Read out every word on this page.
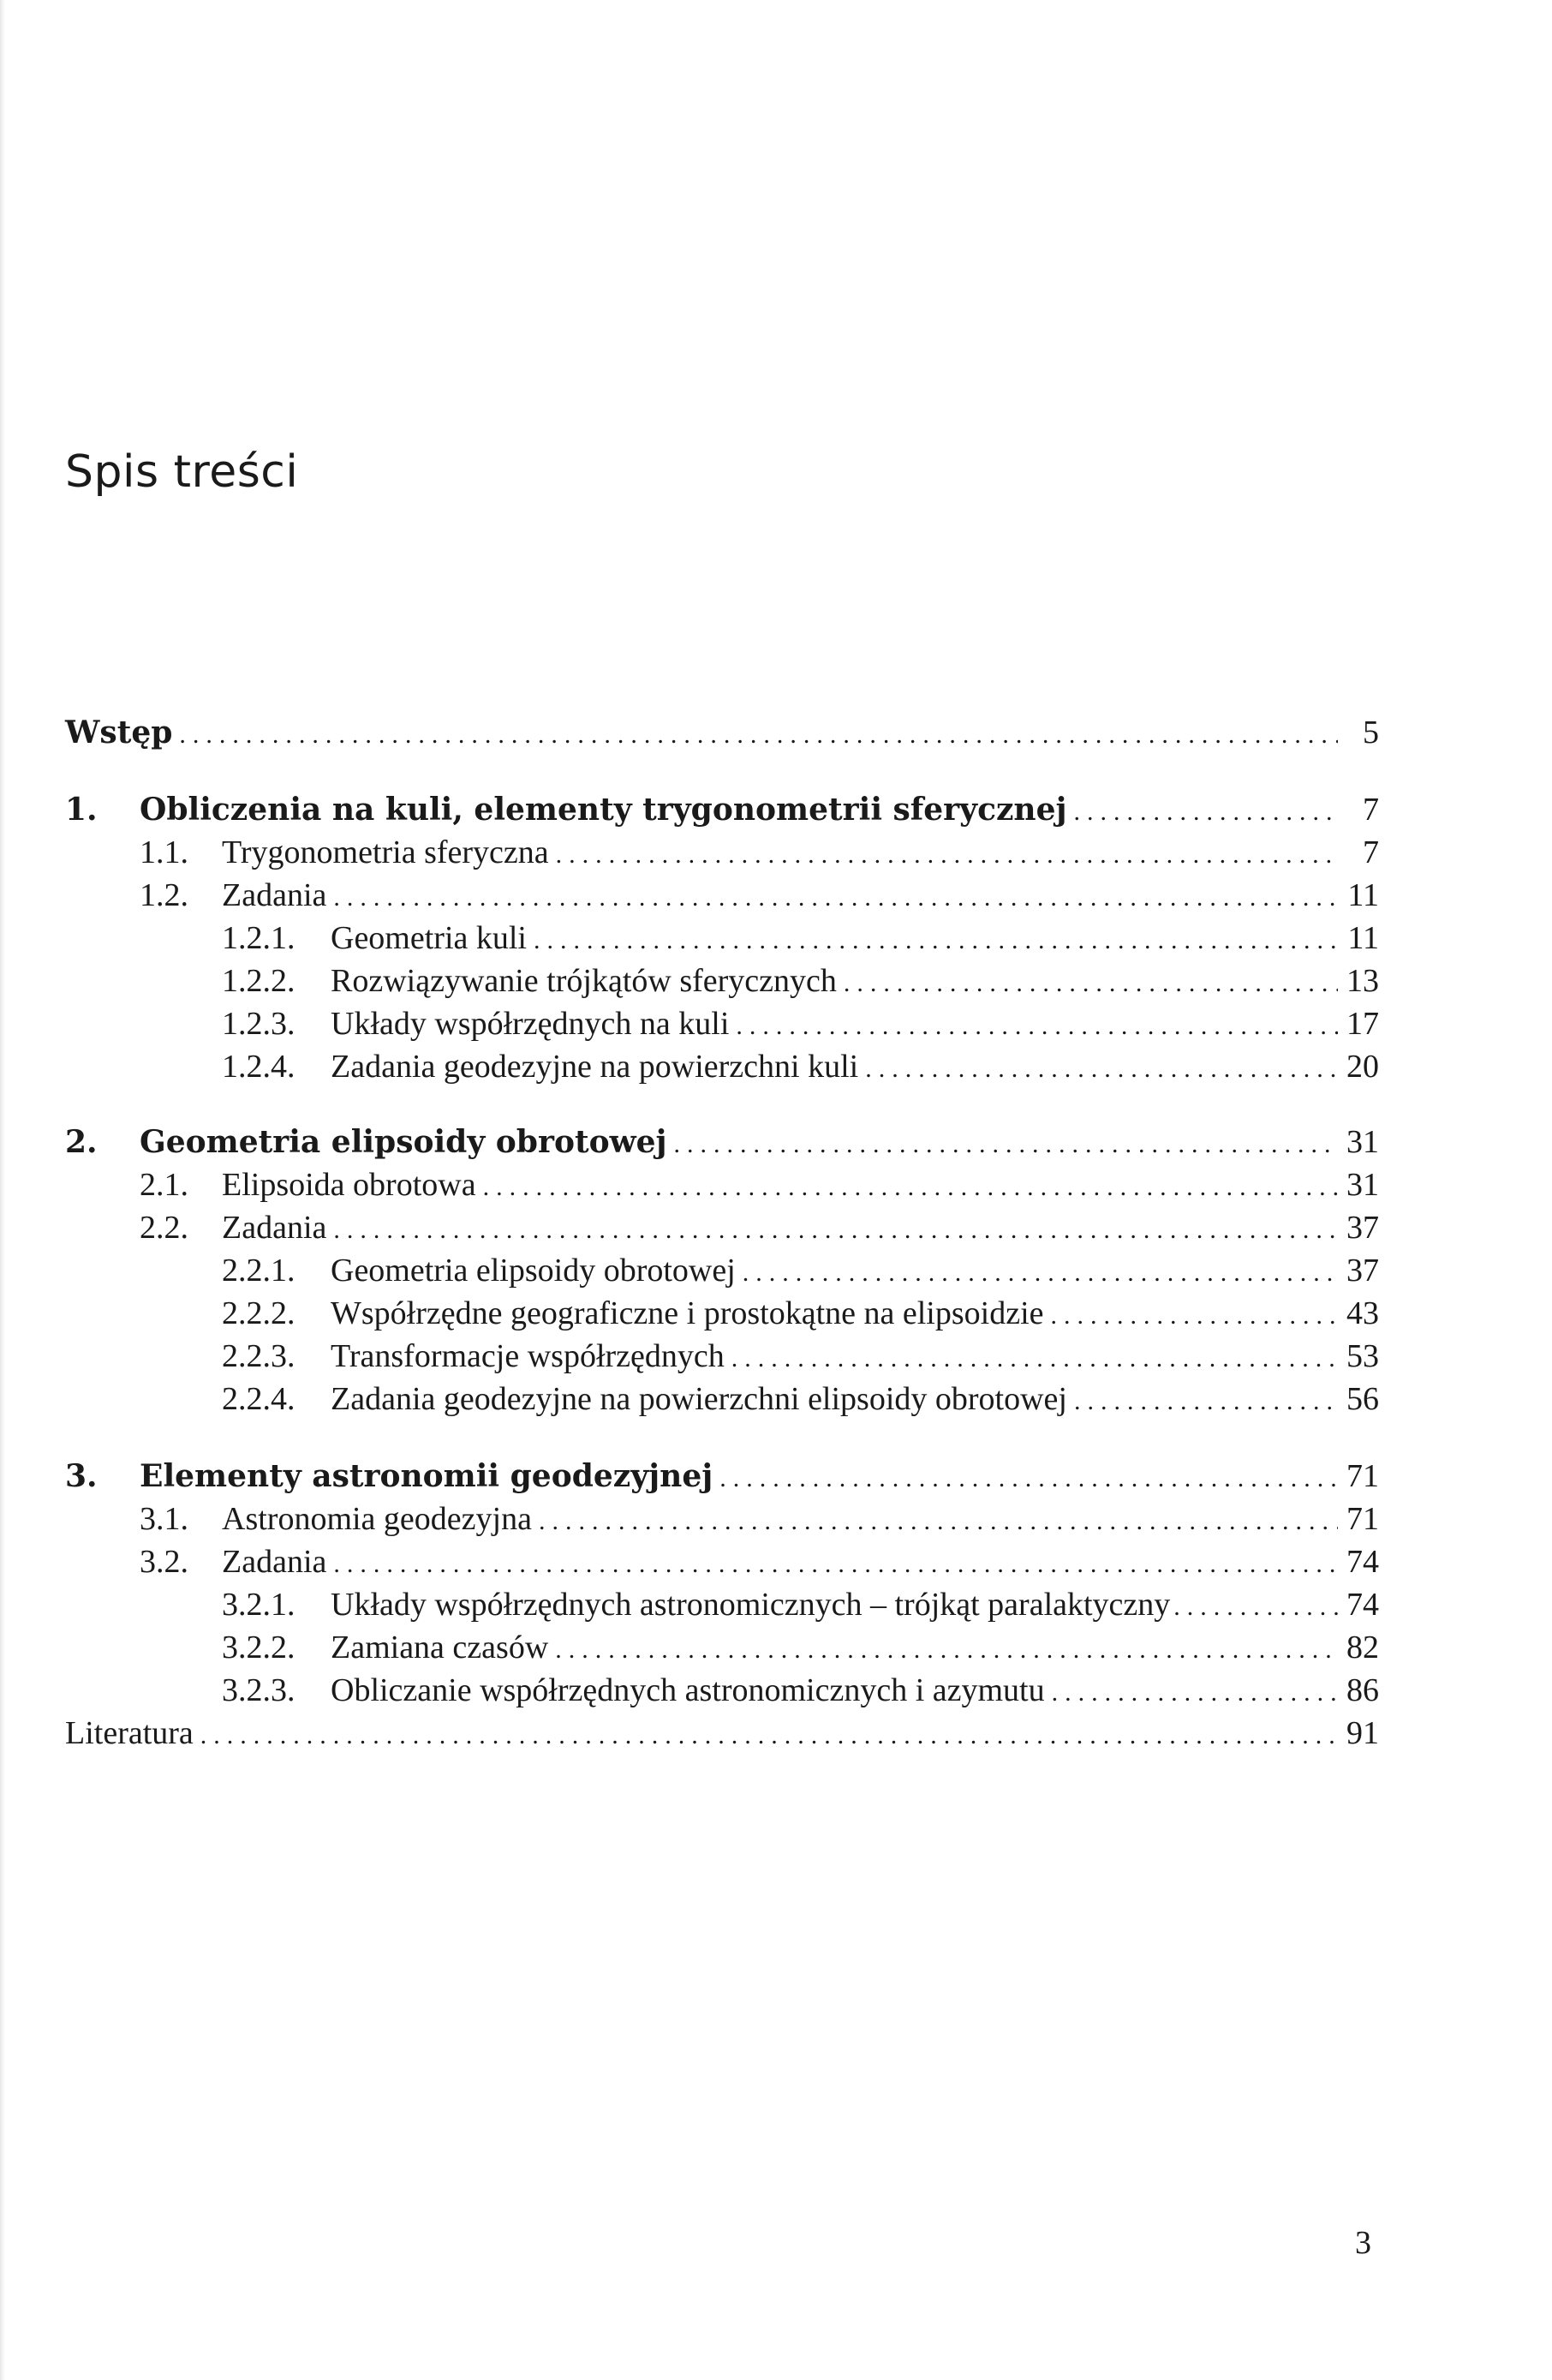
Spis treści
Wstęp .....	5
1.	Obliczenia na kuli, elementy trygonometrii sferycznej .....	7
1.1.	Trygonometria sferyczna .....	7
1.2.	Zadania .....	11
1.2.1.	Geometria kuli .....	11
1.2.2.	Rozwiązywanie trójkątów sferycznych .....	13
1.2.3.	Układy współrzędnych na kuli .....	17
1.2.4.	Zadania geodezyjne na powierzchni kuli .....	20
2.	Geometria elipsoidy obrotowej .....	31
2.1.	Elipsoida obrotowa .....	31
2.2.	Zadania .....	37
2.2.1.	Geometria elipsoidy obrotowej .....	37
2.2.2.	Współrzędne geograficzne i prostokątne na elipsoidzie .....	43
2.2.3.	Transformacje współrzędnych .....	53
2.2.4.	Zadania geodezyjne na powierzchni elipsoidy obrotowej .....	56
3.	Elementy astronomii geodezyjnej .....	71
3.1.	Astronomia geodezyjna .....	71
3.2.	Zadania .....	74
3.2.1.	Układy współrzędnych astronomicznych – trójkąt paralaktyczny .....	74
3.2.2.	Zamiana czasów .....	82
3.2.3.	Obliczanie współrzędnych astronomicznych i azymutu .....	86
Literatura .....	91
3
